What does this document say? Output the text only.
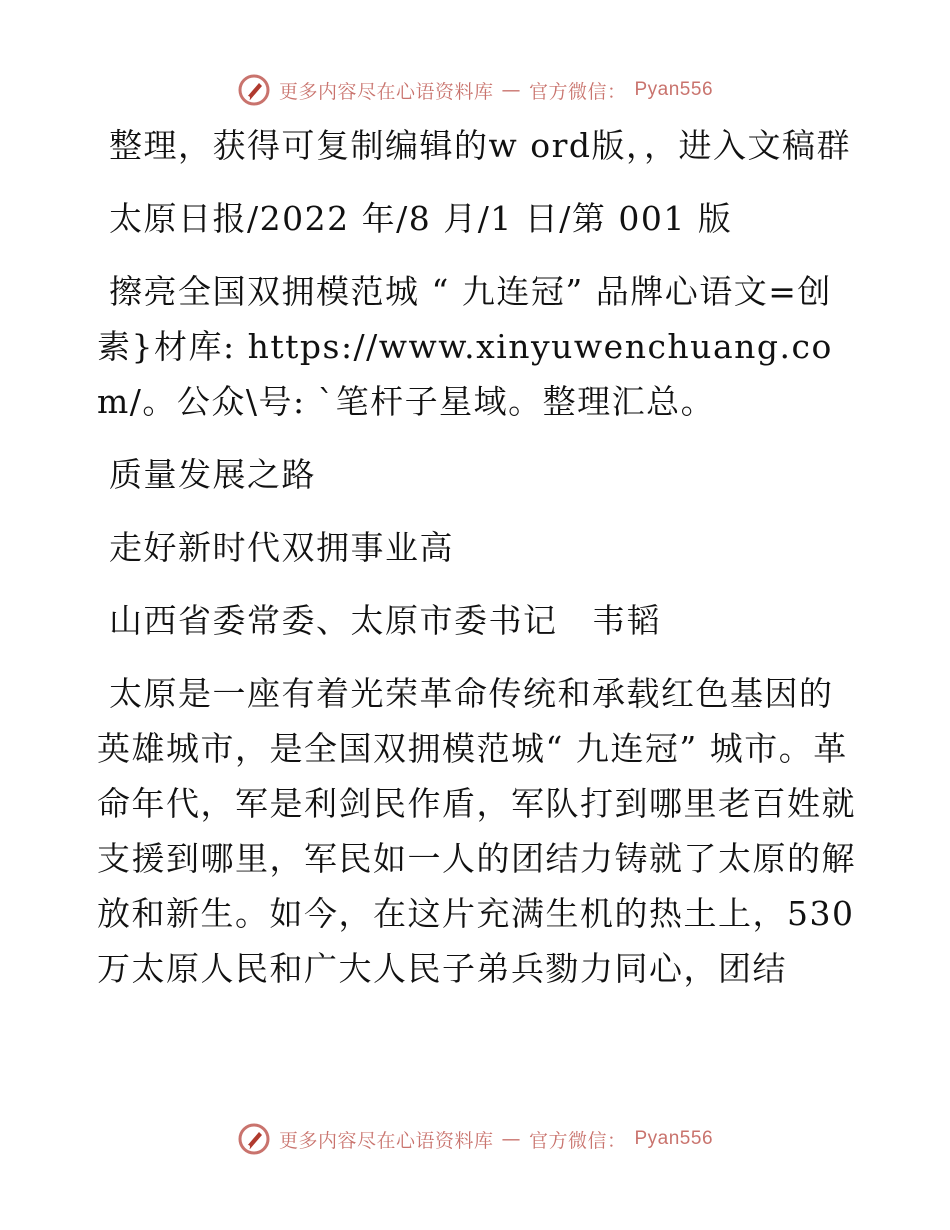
更多内容尽在心语资料库 — 官方微信： Pyan556

整理，获得可复制编辑的w ord版，，进入文稿群

太原日报/2022 年/8 月/1 日/第 001 版

擦亮全国双拥模范城 “ 九连冠” 品牌心语文=创素}材库: https://www.xinyuwenchuang.com/。公众\号: `笔杆子星域。整理汇总。

质量发展之路

走好新时代双拥事业高

山西省委常委、太原市委书记　韦韬

太原是一座有着光荣革命传统和承载红色基因的英雄城市，是全国双拥模范城“ 九连冠” 城市。革命年代，军是利剑民作盾，军队打到哪里老百姓就支援到哪里，军民如一人的团结力铸就了太原的解放和新生。如今，在这片充满生机的热土上，530 万太原人民和广大人民子弟兵勠力同心，团结

更多内容尽在心语资料库 — 官方微信： Pyan556
